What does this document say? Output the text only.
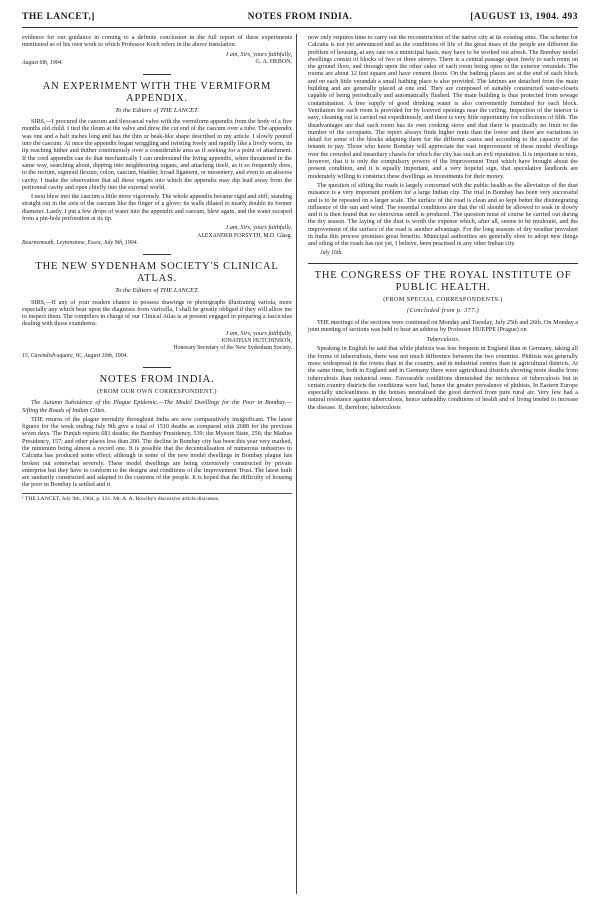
THE LANCET,]	NOTES FROM INDIA.	[AUGUST 13, 1904. 493

evidence for our guidance in coming to a definite conclusion in the full report of these experiments mentioned as of his own work to which Professor Koch refers in the above translation.

I am, Sirs, yours faithfully,

August 6th, 1904.	G. A. HEBON.
AN EXPERIMENT WITH THE VERMIFORM APPENDIX.

To the Editors of THE LANCET.

SIRS,—I procured the caecum and ileocaecal valve with the vermiform appendix from the body of a five months old child. I tied the ileum at the valve and drew the cut end of the caecum over a tube. The appendix was one and a half inches long and has the thin or beak-like shape described in my article. I slowly poured into the caecum. At once the appendix began wriggling and twisting freely and rapidly like a lively worm, its tip reaching hither and thither continuously over a considerable area as if seeking for a point of attachment. If the cord appendix can do that mechanically I can understand the living appendix, when threatened in the same way, searching about, dipping into neighbouring organs, and attaching itself, as it so frequently does, to the rectum, sigmoid flexure, colon, caecum, bladder, broad ligament, or mesentery, and even to an abscess cavity. I make the observation that all these organs into which the appendix may dip lead away from the peritoneal cavity and open chiefly into the external world.

I next blew into the caecum a little more vigorously. The whole appendix became rigid and stiff, standing straight out in the axis of the caecum like the finger of a glove; its walls dilated to nearly double its former diameter. Lastly, I put a few drops of water into the appendix and caecum, blew again, and the water escaped from a pin-hole perforation at its tip.

I am, Sirs, yours faithfully,

ALEXANDER FORSYTH, M.D. Glasg.

Bournemouth, Leytonstone, Essex, July 9th, 1904.

THE NEW SYDENHAM SOCIETY'S CLINICAL ATLAS.

To the Editors of THE LANCET.

SIRS,—If any of your readers chance to possess drawings or photographs illustrating variola, more especially any which bear upon the diagnosis from varicella, I shall be greatly obliged if they will allow me to inspect them. The compilers in charge of our Clinical Atlas is at present engaged in preparing a fasciculus dealing with those exanthems.

I am, Sirs, yours faithfully,

JONATHAN HUTCHINSON,

Honorary Secretary of the New Sydenham Society.

15, Cavendish-square, W., August 10th, 1904.

NOTES FROM INDIA.

(FROM OUR OWN CORRESPONDENT.)

The Autumn Subsidence of the Plague Epidemic.—The Model Dwellings for the Poor in Bombay.—Sifting the Roads of Indian Cities.

THE returns of the plague mortality throughout India are now comparatively insignificant. The latest figures for the week ending July 9th give a total of 1510 deaths as compared with 2688 for the previous seven days. The Punjab reports 681 deaths; the Bombay Presidency, 539; the Mysore State, 256; the Madras Presidency, 157; and other places less than 200. The decline in Bombay city has been this year very marked, the minimum being almost a record one. It is possible that the decentralisation of numerous industries to Calcutta has produced some effect, although in some of the new model dwellings in Bombay plague has broken out somewhat severely. These model dwellings are being extensively constructed by private enterprise but they have to conform to the designs and conditions of the Improvement Trust. The latest built are sanitarily constructed and adapted to the customs of the people. It is hoped that the difficulty of housing the poor in Bombay is settled and it

¹ THE LANCET, July 9th, 1904, p. 121. Mr. A. A. Bowlby's discursive article discusses.

now only requires time to carry out the reconstruction of the native city at its existing sites. The scheme for Calcutta is not yet announced and as the conditions of life of the great mass of the people are different the problem of housing, at any rate on a municipal basis, may have to be worked out afresh. The Bombay model dwellings consist of blocks of two or three storeys. There is a central passage upon freely to each room on the ground floor, and through upon the other sides of each room being open to the exterior verandah. The rooms are about 12 feet square and have cement floors. On the bathing places are at the end of each block and on each little verandah a small bathing place is also provided. The latrines are detached from the main building and are generally placed at one end. They are composed of suitably constructed water-closets capable of being periodically and automatically flushed. The main building is thus protected from sewage contamination. A free supply of good drinking water is also conveniently furnished for each block. Ventilation for each room is provided for by louvred openings near the ceiling. Inspection of the interior is easy, cleaning out is carried out expeditiously, and there is very little opportunity for collections of filth. The disadvantages are that each room has its own cooking stove and that there is practically no limit to the number of the occupants. The report always finds higher rents than the lower and there are variations in detail for some of the blocks adapting them for the different castes and according to the capacity of the tenants to pay. Those who know Bombay will appreciate the vast improvement of these model dwellings over the crowded and insanitary chawls for which the city has such an evil reputation. It is important to note, however, that it is only the compulsory powers of the Improvement Trust which have brought about the present condition, and it is equally important, and a very hopeful sign, that speculative landlords are moderately willing to construct these dwellings as investments for their money.

The question of sifting the roads is largely concerned with the public health as the alleviation of the dust nuisance is a very important problem for a large Indian city. The trial in Bombay has been very successful and is to be repeated on a larger scale. The surface of the road is clean and so kept better the disintegrating influence of the sun and wind. The essential conditions are that the oil should be allowed to soak in slowly and it is then found that no obnoxious smell is produced. The question must of course be carried out during the dry season. The laying of the dust is worth the expense which, after all, seems to be moderate, and the improvement of the surface of the road is another advantage. For the long seasons of dry weather prevalent in India this process promises great benefits. Municipal authorities are generally slow to adopt new things and oiling of the roads has not yet, I believe, been practised in any other Indian city.

July 16th.

THE CONGRESS OF THE ROYAL INSTITUTE OF PUBLIC HEALTH.

(FROM SPECIAL CORRESPONDENTS.)

(Concluded from p. 377.)

THE meetings of the sections were continued on Monday and Tuesday, July 25th and 26th. On Monday a joint meeting of sections was held to hear an address by Professor HUEPPE (Prague) on

Tuberculosis.

Speaking in English he said that while phthisis was less frequent in England than in Germany, taking all the forms of tuberculosis, there was not much difference between the two countries. Phthisis was generally more widespread in the towns than in the country, and in industrial centres than in agricultural districts. At the same time, both in England and in Germany there were agricultural districts showing more deaths from tuberculosis than industrial ones. Favourable conditions diminished the incidence of tuberculosis but in certain country districts the conditions were bad, hence the greater prevalence of phthisis. In Eastern Europe especially uncleanliness in the houses neutralised the good derived from pure rural air. Very few had a natural resistance against tuberculosis, hence unhealthy conditions of health and of living tended to increase the disease. If, therefore, tuberculosis
